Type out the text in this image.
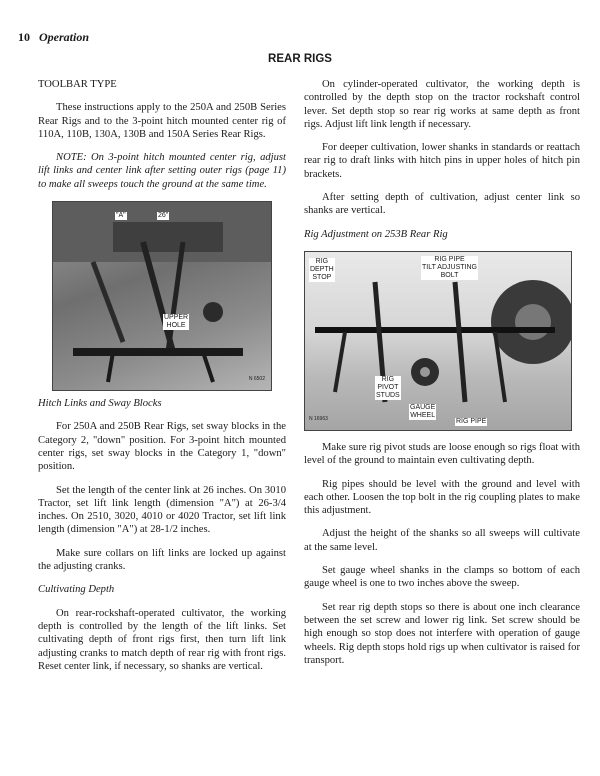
10 Operation
REAR RIGS
TOOLBAR TYPE

These instructions apply to the 250A and 250B Series Rear Rigs and to the 3-point hitch mounted center rig of 110A, 110B, 130A, 130B and 150A Series Rear Rigs.

NOTE: On 3-point hitch mounted center rig, adjust lift links and center link after setting outer rigs (page 11) to make all sweeps touch the ground at the same time.

"A"	26"
UPPER
HOLE
N 6502
Hitch Links and Sway Blocks

For 250A and 250B Rear Rigs, set sway blocks in the Category 2, "down" position. For 3-point hitch mounted center rigs, set sway blocks in the Category 1, "down" position.

Set the length of the center link at 26 inches. On 3010 Tractor, set lift link length (dimension "A") at 26-3/4 inches. On 2510, 3020, 4010 or 4020 Tractor, set lift link length (dimension "A") at 28-1/2 inches.

Make sure collars on lift links are locked up against the adjusting cranks.

Cultivating Depth

On rear-rockshaft-operated cultivator, the working depth is controlled by the length of the lift links. Set cultivating depth of front rigs first, then turn lift link adjusting cranks to match depth of rear rig with front rigs. Reset center link, if necessary, so shanks are vertical.

On cylinder-operated cultivator, the working depth is controlled by the depth stop on the tractor rockshaft control lever. Set depth stop so rear rig works at same depth as front rigs. Adjust lift link length if necessary.

For deeper cultivation, lower shanks in standards or reattach rear rig to draft links with hitch pins in upper holes of hitch pin brackets.

After setting depth of cultivation, adjust center link so shanks are vertical.

Rig Adjustment on 253B Rear Rig
RIG
DEPTH
STOP
RIG PIPE
TILT ADJUSTING
BOLT
RIG
PIVOT
STUDS
GAUGE
WHEEL
RIG PIPE
N 16963

Make sure rig pivot studs are loose enough so rigs float with level of the ground to maintain even cultivating depth.

Rig pipes should be level with the ground and level with each other. Loosen the top bolt in the rig coupling plates to make this adjustment.

Adjust the height of the shanks so all sweeps will cultivate at the same level.

Set gauge wheel shanks in the clamps so bottom of each gauge wheel is one to two inches above the sweep.

Set rear rig depth stops so there is about one inch clearance between the set screw and lower rig link. Set screw should be high enough so stop does not interfere with operation of gauge wheels. Rig depth stops hold rigs up when cultivator is raised for transport.
